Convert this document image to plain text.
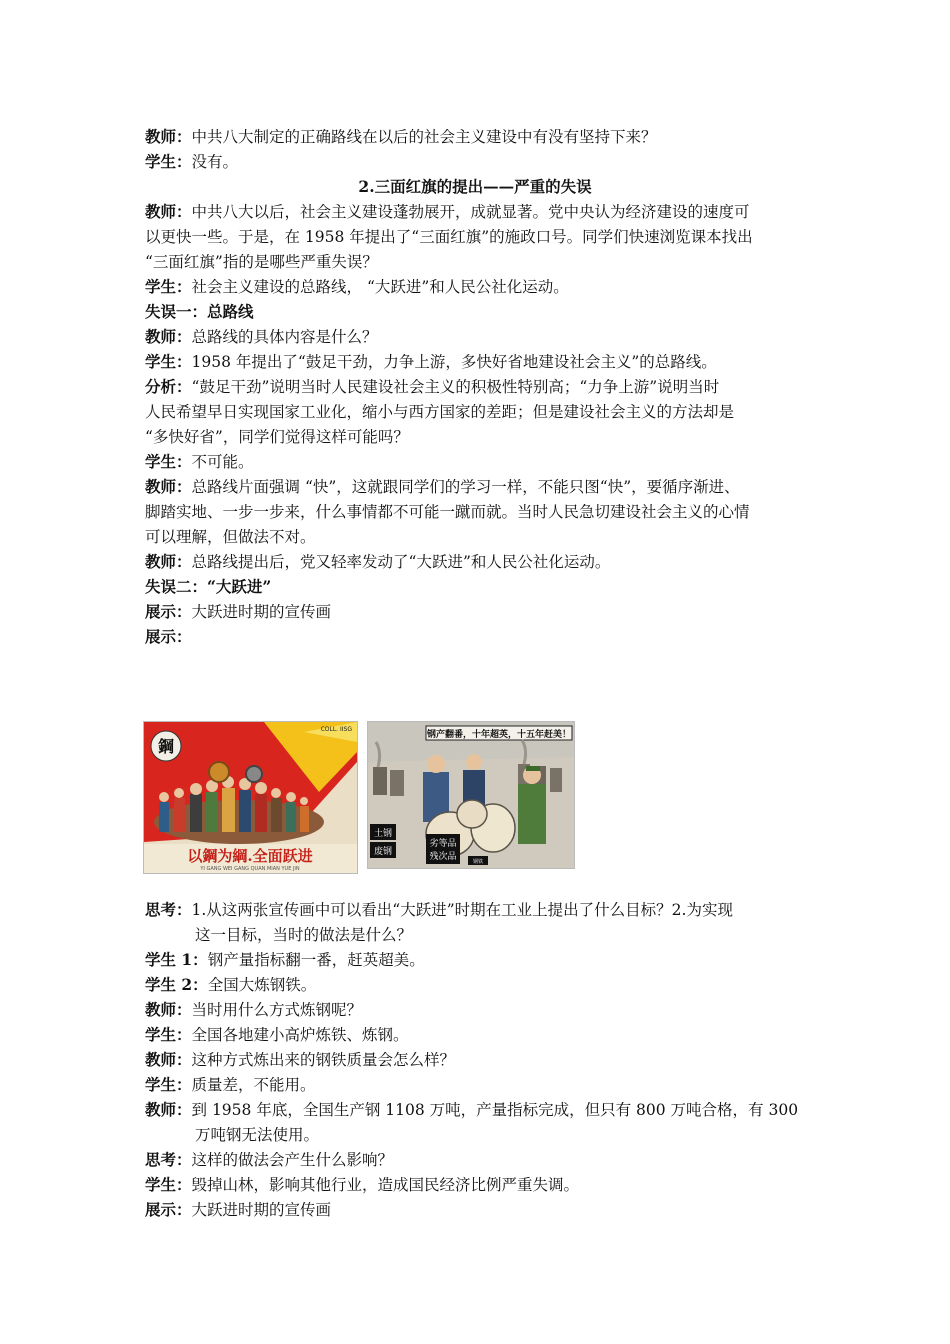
教师：中共八大制定的正确路线在以后的社会主义建设中有没有坚持下来？
学生：没有。
2.三面红旗的提出——严重的失误
教师：中共八大以后，社会主义建设蓬勃展开，成就显著。党中央认为经济建设的速度可
以更快一些。于是，在 1958 年提出了“三面红旗”的施政口号。同学们快速浏览课本找出
“三面红旗”指的是哪些严重失误？
学生：社会主义建设的总路线， “大跃进”和人民公社化运动。
失误一：总路线
教师：总路线的具体内容是什么？
学生：1958 年提出了“鼓足干劲，力争上游，多快好省地建设社会主义”的总路线。
分析：“鼓足干劲”说明当时人民建设社会主义的积极性特别高；“力争上游”说明当时
人民希望早日实现国家工业化，缩小与西方国家的差距；但是建设社会主义的方法却是
“多快好省”，同学们觉得这样可能吗？
学生：不可能。
教师：总路线片面强调 “快”，这就跟同学们的学习一样，不能只图“快”，要循序渐进、
脚踏实地、一步一步来，什么事情都不可能一蹴而就。当时人民急切建设社会主义的心情
可以理解，但做法不对。
教师：总路线提出后，党又轻率发动了“大跃进”和人民公社化运动。
失误二：“大跃进”
展示：大跃进时期的宣传画
展示：
鋼
COLL. IISG
以鋼为綱.全面跃进
YI GANG WEI GANG QUAN MIAN YUE JIN
钢产翻番，十年超英，十五年赶美！
土钢
废钢
劣等品
残次品	钢铁
思考：1.从这两张宣传画中可以看出“大跃进”时期在工业上提出了什么目标？2.为实现
这一目标，当时的做法是什么？
学生 1：钢产量指标翻一番，赶英超美。
学生 2：全国大炼钢铁。
教师：当时用什么方式炼钢呢？
学生：全国各地建小高炉炼铁、炼钢。
教师：这种方式炼出来的钢铁质量会怎么样？
学生：质量差，不能用。
教师：到 1958 年底，全国生产钢 1108 万吨，产量指标完成，但只有 800 万吨合格，有 300
万吨钢无法使用。
思考：这样的做法会产生什么影响？
学生：毁掉山林，影响其他行业，造成国民经济比例严重失调。
展示：大跃进时期的宣传画
